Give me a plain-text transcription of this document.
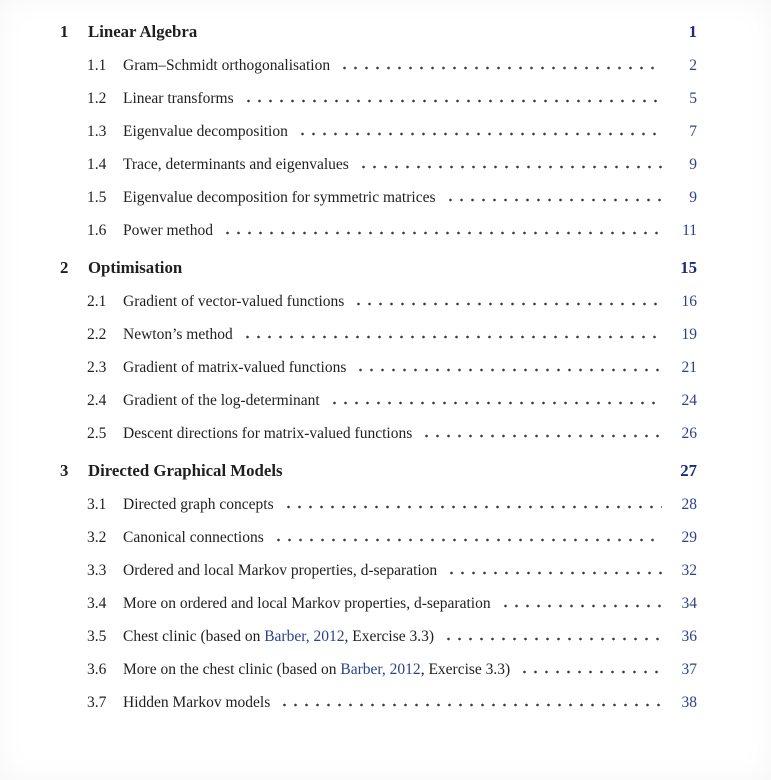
1	Linear Algebra	1
1.1	Gram–Schmidt orthogonalisation	2
1.2	Linear transforms	5
1.3	Eigenvalue decomposition	7
1.4	Trace, determinants and eigenvalues	9
1.5	Eigenvalue decomposition for symmetric matrices	9
1.6	Power method	11
2	Optimisation	15
2.1	Gradient of vector-valued functions	16
2.2	Newton’s method	19
2.3	Gradient of matrix-valued functions	21
2.4	Gradient of the log-determinant	24
2.5	Descent directions for matrix-valued functions	26
3	Directed Graphical Models	27
3.1	Directed graph concepts	28
3.2	Canonical connections	29
3.3	Ordered and local Markov properties, d-separation	32
3.4	More on ordered and local Markov properties, d-separation	34
3.5	Chest clinic (based on Barber, 2012, Exercise 3.3)	36
3.6	More on the chest clinic (based on Barber, 2012, Exercise 3.3)	37
3.7	Hidden Markov models	38
